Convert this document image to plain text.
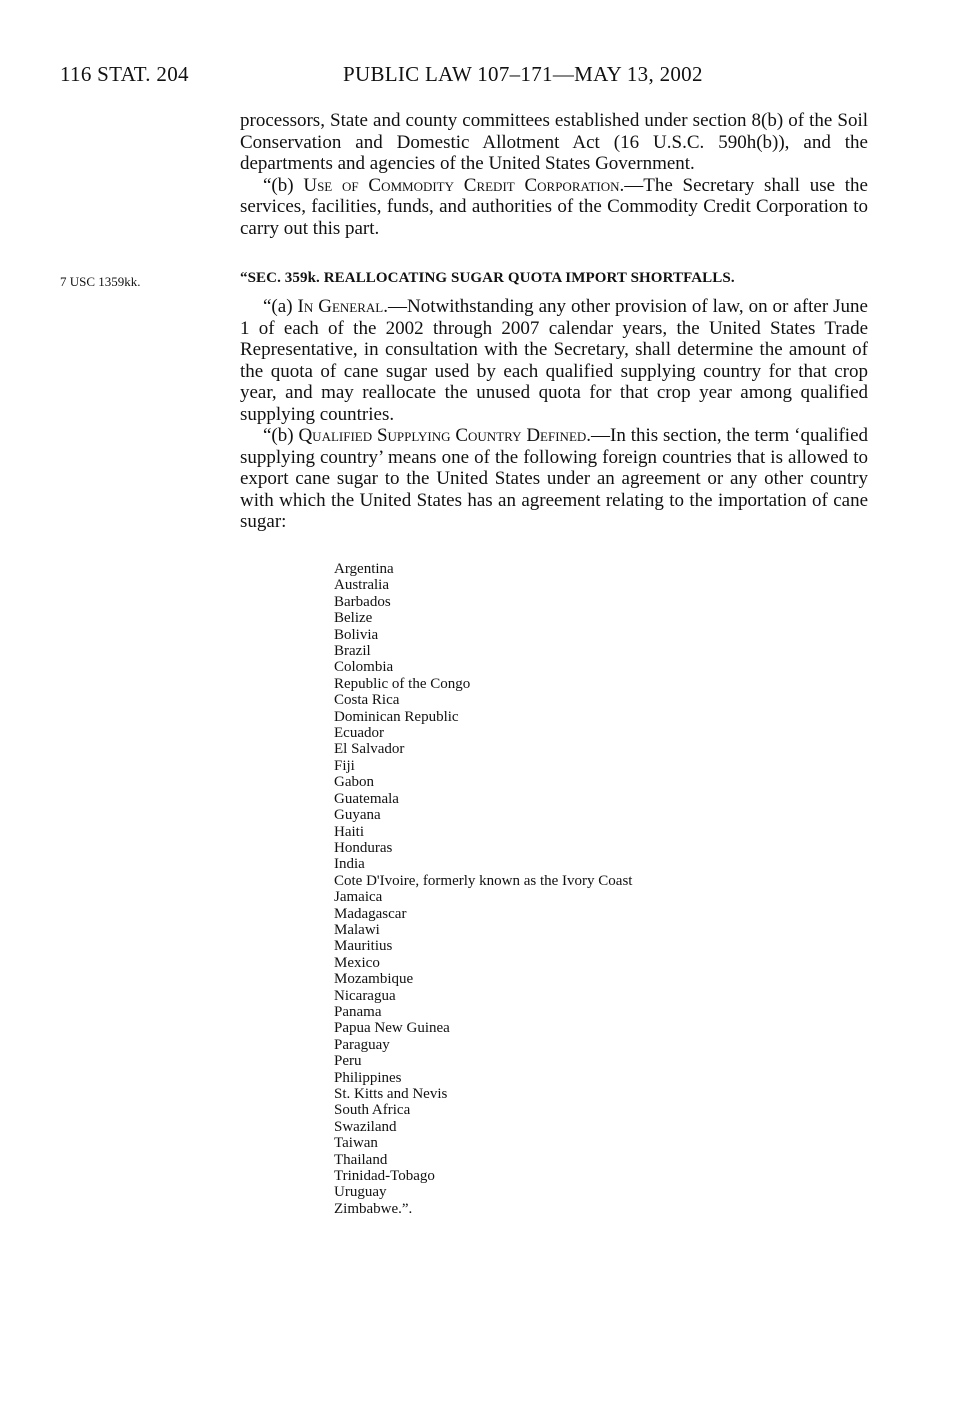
116 STAT. 204	PUBLIC LAW 107–171—MAY 13, 2002

processors, State and county committees established under section 8(b) of the Soil Conservation and Domestic Allotment Act (16 U.S.C. 590h(b)), and the departments and agencies of the United States Government.

“(b) Use of Commodity Credit Corporation.—The Secretary shall use the services, facilities, funds, and authorities of the Commodity Credit Corporation to carry out this part.

7 USC 1359kk.	“SEC. 359k. REALLOCATING SUGAR QUOTA IMPORT SHORTFALLS.

“(a) In General.—Notwithstanding any other provision of law, on or after June 1 of each of the 2002 through 2007 calendar years, the United States Trade Representative, in consultation with the Secretary, shall determine the amount of the quota of cane sugar used by each qualified supplying country for that crop year, and may reallocate the unused quota for that crop year among qualified supplying countries.

“(b) Qualified Supplying Country Defined.—In this section, the term ‘qualified supplying country’ means one of the following foreign countries that is allowed to export cane sugar to the United States under an agreement or any other country with which the United States has an agreement relating to the importation of cane sugar:

Argentina
Australia
Barbados
Belize
Bolivia
Brazil
Colombia
Republic of the Congo
Costa Rica
Dominican Republic
Ecuador
El Salvador
Fiji
Gabon
Guatemala
Guyana
Haiti
Honduras
India
Cote D'Ivoire, formerly known as the Ivory Coast
Jamaica
Madagascar
Malawi
Mauritius
Mexico
Mozambique
Nicaragua
Panama
Papua New Guinea
Paraguay
Peru
Philippines
St. Kitts and Nevis
South Africa
Swaziland
Taiwan
Thailand
Trinidad-Tobago
Uruguay
Zimbabwe.”.
